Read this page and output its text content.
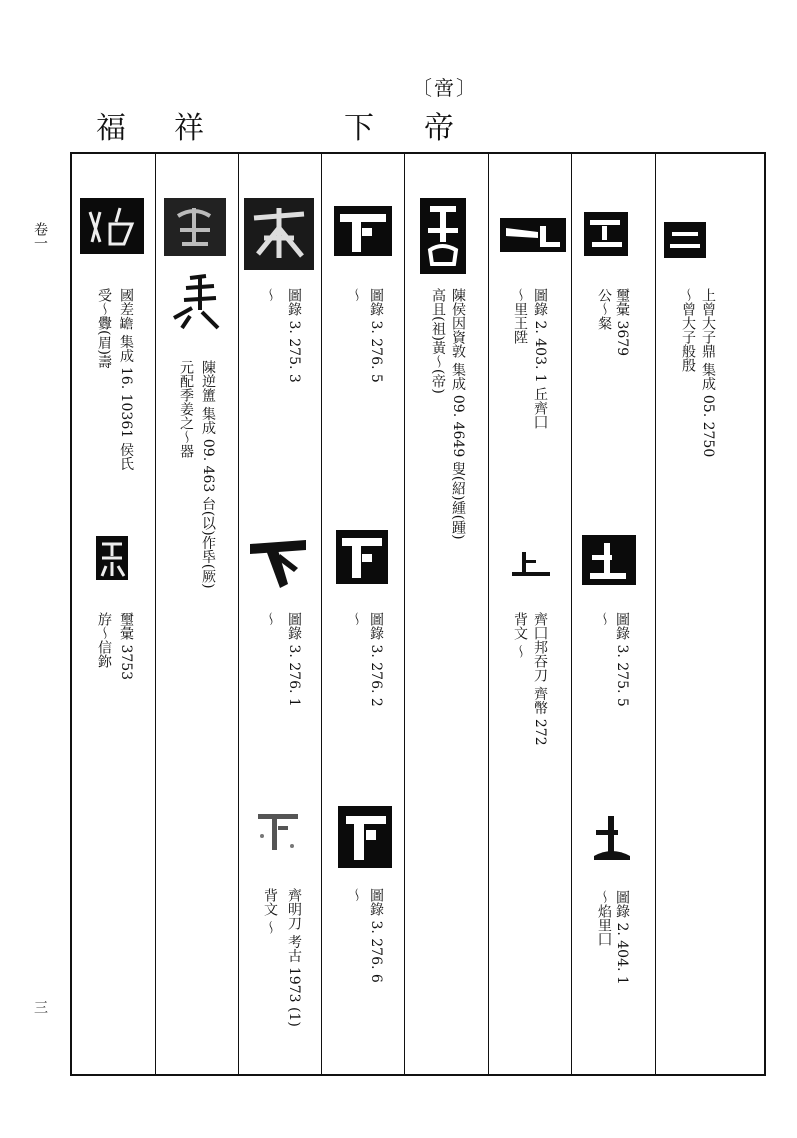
〔啻〕
福 祥	下 帝
卷一
三
上曾大子鼎 集成 05. 2750
～曾大子般殷
璽彙 3679
公～粲
圖錄 3. 275. 5
～
圖錄 2. 404. 1
～焰里囗
圖錄 2. 403. 1 丘齊囗
～里王陞
齊囗邦吞刀 齊幣 272
背文 ～
陳侯因資敦 集成 09. 4649 叟(紹)緟(踵)
高且(祖)黃～(帝)
圖錄 3. 276. 5
～
圖錄 3. 276. 2
～
圖錄 3. 276. 6
～
圖錄 3. 275. 3
～
圖錄 3. 276. 1
～
齊明刀 考古 1973 (1)
背文 ～
陳逆簠 集成 09. 463 台(以)作氒(厥)
元配季姜之～器
國差𦉜 集成 16. 10361 侯氏
受～釁(眉)壽
璽彙 3753
斿～信鉨
